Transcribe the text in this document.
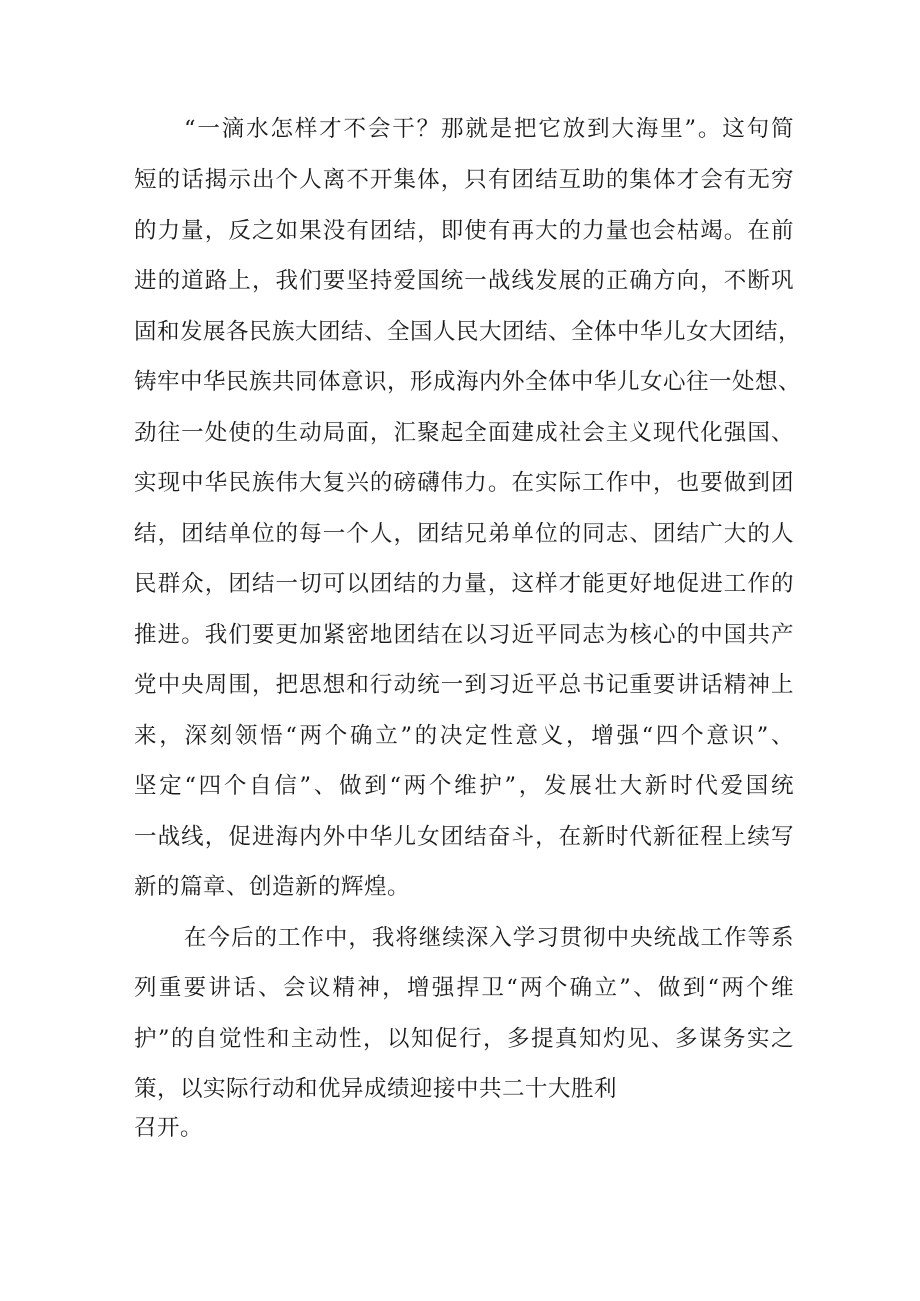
“一滴水怎样才不会干？那就是把它放到大海里”。这句简
短的话揭示出个人离不开集体，只有团结互助的集体才会有无穷
的力量，反之如果没有团结，即使有再大的力量也会枯竭。在前
进的道路上，我们要坚持爱国统一战线发展的正确方向，不断巩
固和发展各民族大团结、全国人民大团结、全体中华儿女大团结，
铸牢中华民族共同体意识，形成海内外全体中华儿女心往一处想、
劲往一处使的生动局面，汇聚起全面建成社会主义现代化强国、
实现中华民族伟大复兴的磅礴伟力。在实际工作中，也要做到团
结，团结单位的每一个人，团结兄弟单位的同志、团结广大的人
民群众，团结一切可以团结的力量，这样才能更好地促进工作的
推进。我们要更加紧密地团结在以习近平同志为核心的中国共产
党中央周围，把思想和行动统一到习近平总书记重要讲话精神上
来，深刻领悟“两个确立”的决定性意义，增强“四个意识”、
坚定“四个自信”、做到“两个维护”，发展壮大新时代爱国统
一战线，促进海内外中华儿女团结奋斗，在新时代新征程上续写
新的篇章、创造新的辉煌。
在今后的工作中，我将继续深入学习贯彻中央统战工作等系
列重要讲话、会议精神，增强捍卫“两个确立”、做到“两个维
护”的自觉性和主动性，以知促行，多提真知灼见、多谋务实之
策，以实际行动和优异成绩迎接中共二十大胜利
召开。
